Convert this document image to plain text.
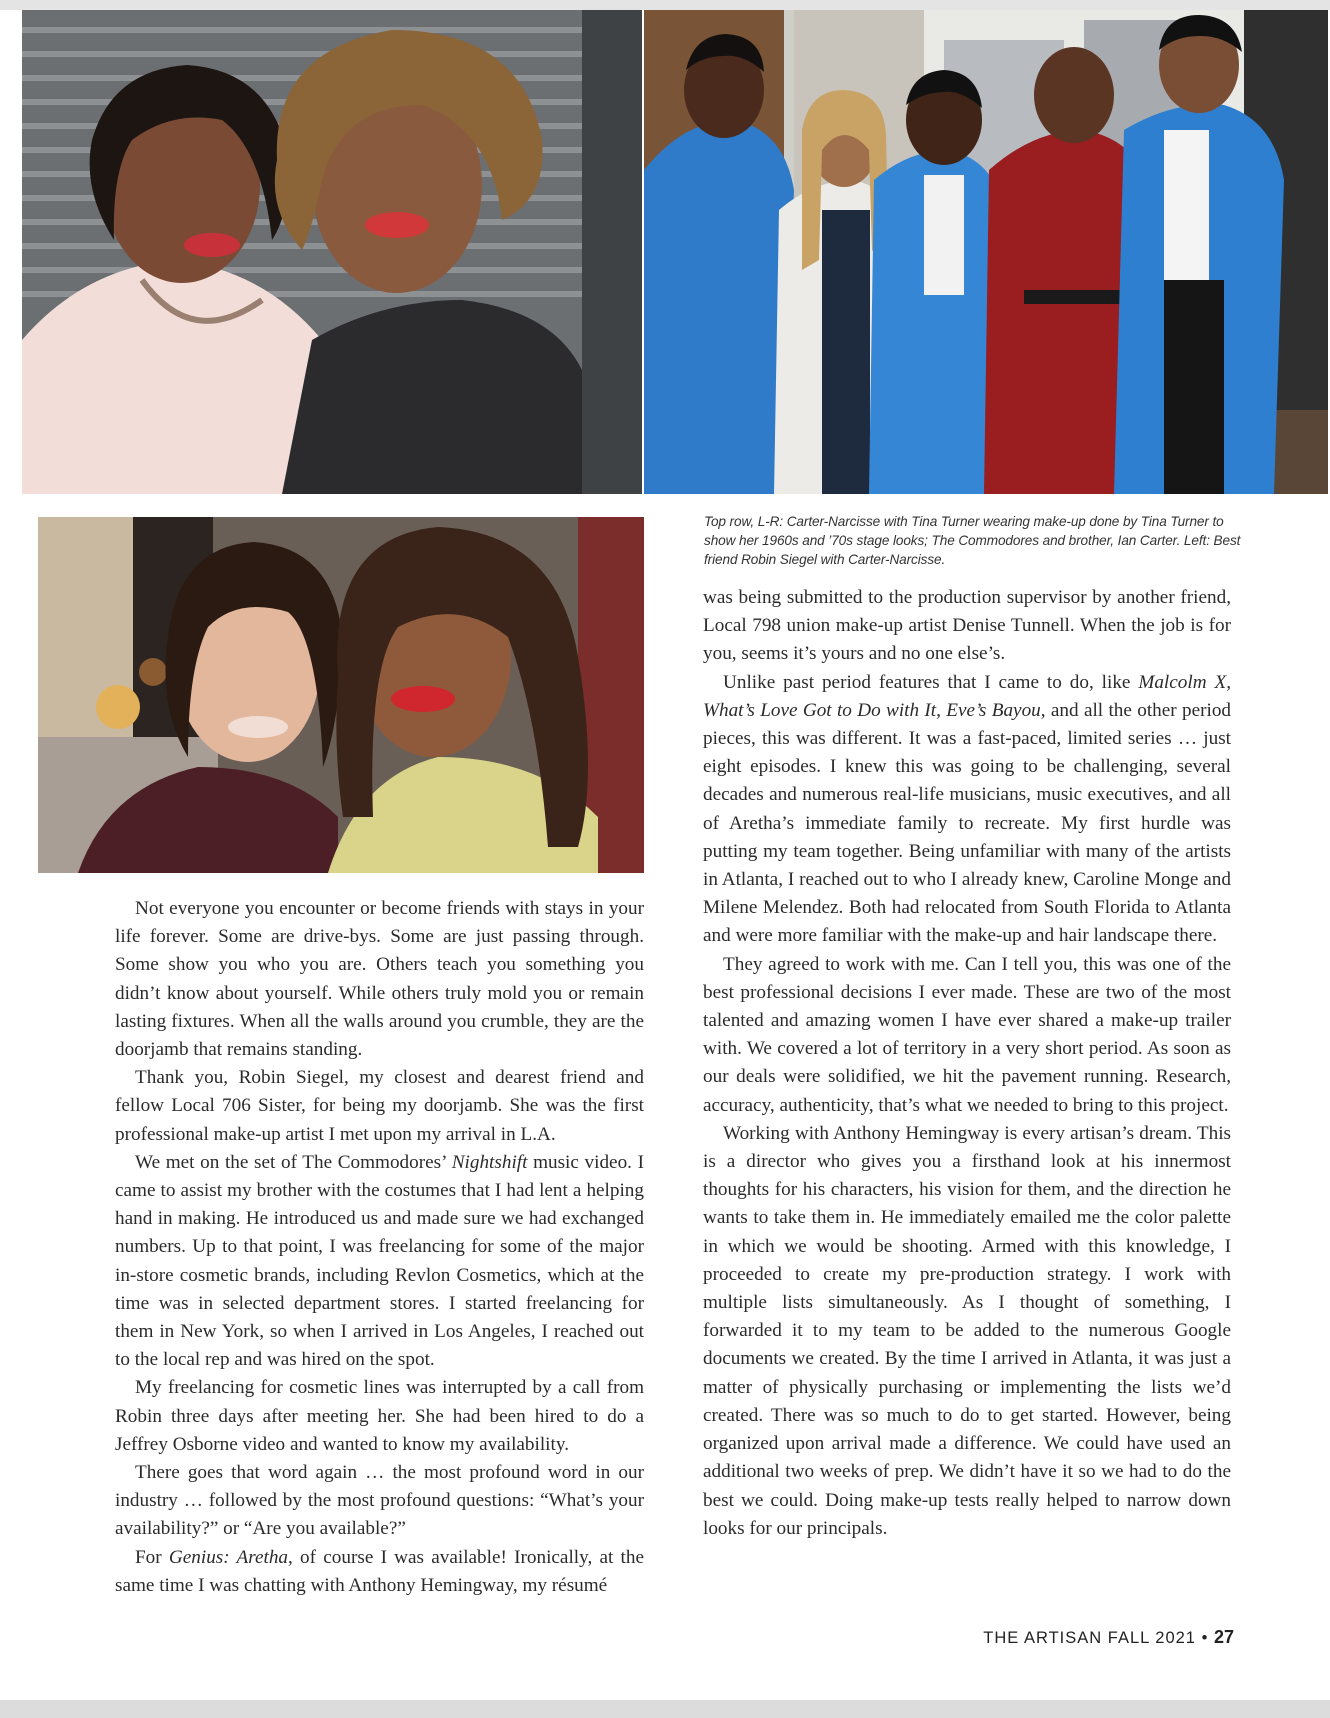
Top row, L-R: Carter-Narcisse with Tina Turner wearing make-up done by Tina Turner to show her 1960s and ’70s stage looks; The Commodores and brother, Ian Carter. Left: Best friend Robin Siegel with Carter-Narcisse.

Not everyone you encounter or become friends with stays in your life forever. Some are drive-bys. Some are just passing through. Some show you who you are. Others teach you something you didn’t know about yourself. While others truly mold you or remain lasting fixtures. When all the walls around you crumble, they are the doorjamb that remains standing.

Thank you, Robin Siegel, my closest and dearest friend and fellow Local 706 Sister, for being my doorjamb. She was the first professional make-up artist I met upon my arrival in L.A.

We met on the set of The Commodores’ Nightshift music video. I came to assist my brother with the costumes that I had lent a helping hand in making. He introduced us and made sure we had exchanged numbers. Up to that point, I was freelancing for some of the major in-store cosmetic brands, including Revlon Cosmetics, which at the time was in selected department stores. I started freelancing for them in New York, so when I arrived in Los Angeles, I reached out to the local rep and was hired on the spot.

My freelancing for cosmetic lines was interrupted by a call from Robin three days after meeting her. She had been hired to do a Jeffrey Osborne video and wanted to know my availability.

There goes that word again … the most profound word in our industry … followed by the most profound questions: “What’s your availability?” or “Are you available?”

For Genius: Aretha, of course I was available! Ironically, at the same time I was chatting with Anthony Hemingway, my résumé

was being submitted to the production supervisor by another friend, Local 798 union make-up artist Denise Tunnell. When the job is for you, seems it’s yours and no one else’s.

Unlike past period features that I came to do, like Malcolm X, What’s Love Got to Do with It, Eve’s Bayou, and all the other period pieces, this was different. It was a fast-paced, limited series … just eight episodes. I knew this was going to be challenging, several decades and numerous real-life musicians, music executives, and all of Aretha’s immediate family to recreate. My first hurdle was putting my team together. Being unfamiliar with many of the artists in Atlanta, I reached out to who I already knew, Caroline Monge and Milene Melendez. Both had relocated from South Florida to Atlanta and were more familiar with the make-up and hair landscape there.

They agreed to work with me. Can I tell you, this was one of the best professional decisions I ever made. These are two of the most talented and amazing women I have ever shared a make-up trailer with. We covered a lot of territory in a very short period. As soon as our deals were solidified, we hit the pavement running. Research, accuracy, authenticity, that’s what we needed to bring to this project.

Working with Anthony Hemingway is every artisan’s dream. This is a director who gives you a firsthand look at his innermost thoughts for his characters, his vision for them, and the direction he wants to take them in. He immediately emailed me the color palette in which we would be shooting. Armed with this knowledge, I proceeded to create my pre-production strategy. I work with multiple lists simultaneously. As I thought of something, I forwarded it to my team to be added to the numerous Google documents we created. By the time I arrived in Atlanta, it was just a matter of physically purchasing or implementing the lists we’d created. There was so much to do to get started. However, being organized upon arrival made a difference. We could have used an additional two weeks of prep. We didn’t have it so we had to do the best we could. Doing make-up tests really helped to narrow down looks for our principals.

THE ARTISAN FALL 2021 • 27
